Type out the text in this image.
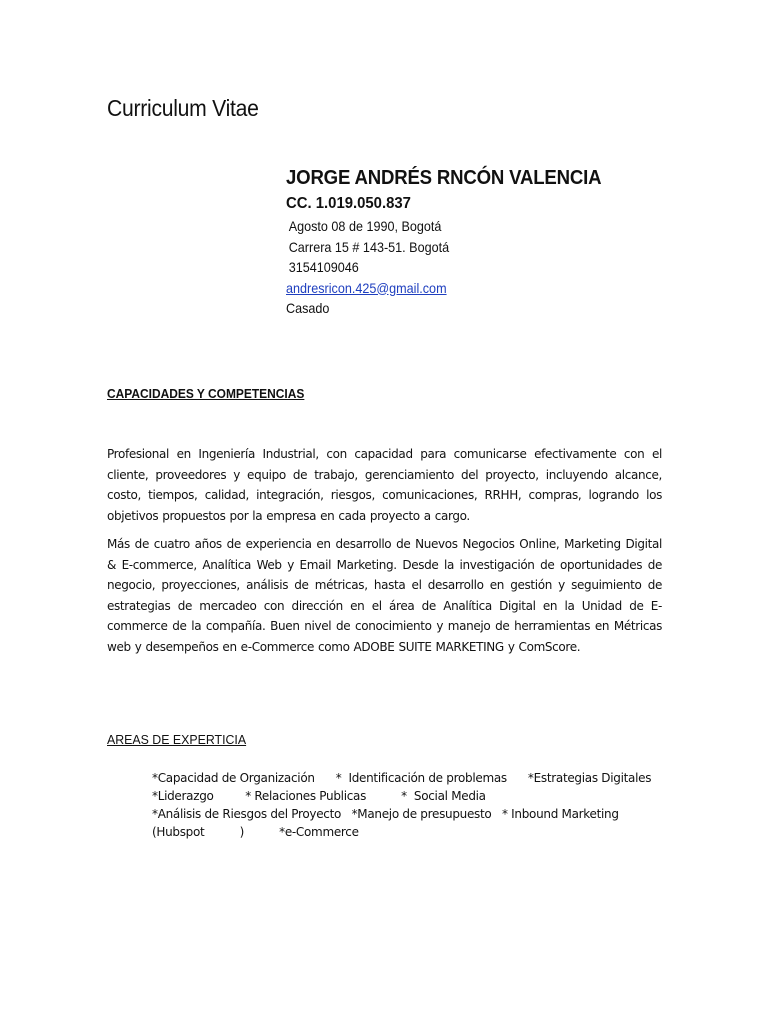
Curriculum Vitae
JORGE ANDRÉS RNCÓN VALENCIA
CC. 1.019.050.837
Agosto 08 de 1990, Bogotá
Carrera 15 # 143-51. Bogotá
3154109046
andresricon.425@gmail.com
Casado
CAPACIDADES Y COMPETENCIAS

Profesional en Ingeniería Industrial, con capacidad para comunicarse efectivamente con el cliente, proveedores y equipo de trabajo, gerenciamiento del proyecto, incluyendo alcance, costo, tiempos, calidad, integración, riesgos, comunicaciones, RRHH, compras, logrando los objetivos propuestos por la empresa en cada proyecto a cargo.

Más de cuatro años de experiencia en desarrollo de Nuevos Negocios Online, Marketing Digital & E-commerce, Analítica Web y Email Marketing. Desde la investigación de oportunidades de negocio, proyecciones, análisis de métricas, hasta el desarrollo en gestión y seguimiento de estrategias de mercadeo con dirección en el área de Analítica Digital en la Unidad de E-commerce de la compañía. Buen nivel de conocimiento y manejo de herramientas en Métricas web y desempeños en e-Commerce como ADOBE SUITE MARKETING y ComScore.

AREAS DE EXPERTICIA
*Capacidad de Organización      *  Identificación de problemas      *Estrategias Digitales
*Liderazgo         * Relaciones Publicas          *  Social Media
*Análisis de Riesgos del Proyecto   *Manejo de presupuesto   * Inbound Marketing
(Hubspot          )          *e-Commerce
